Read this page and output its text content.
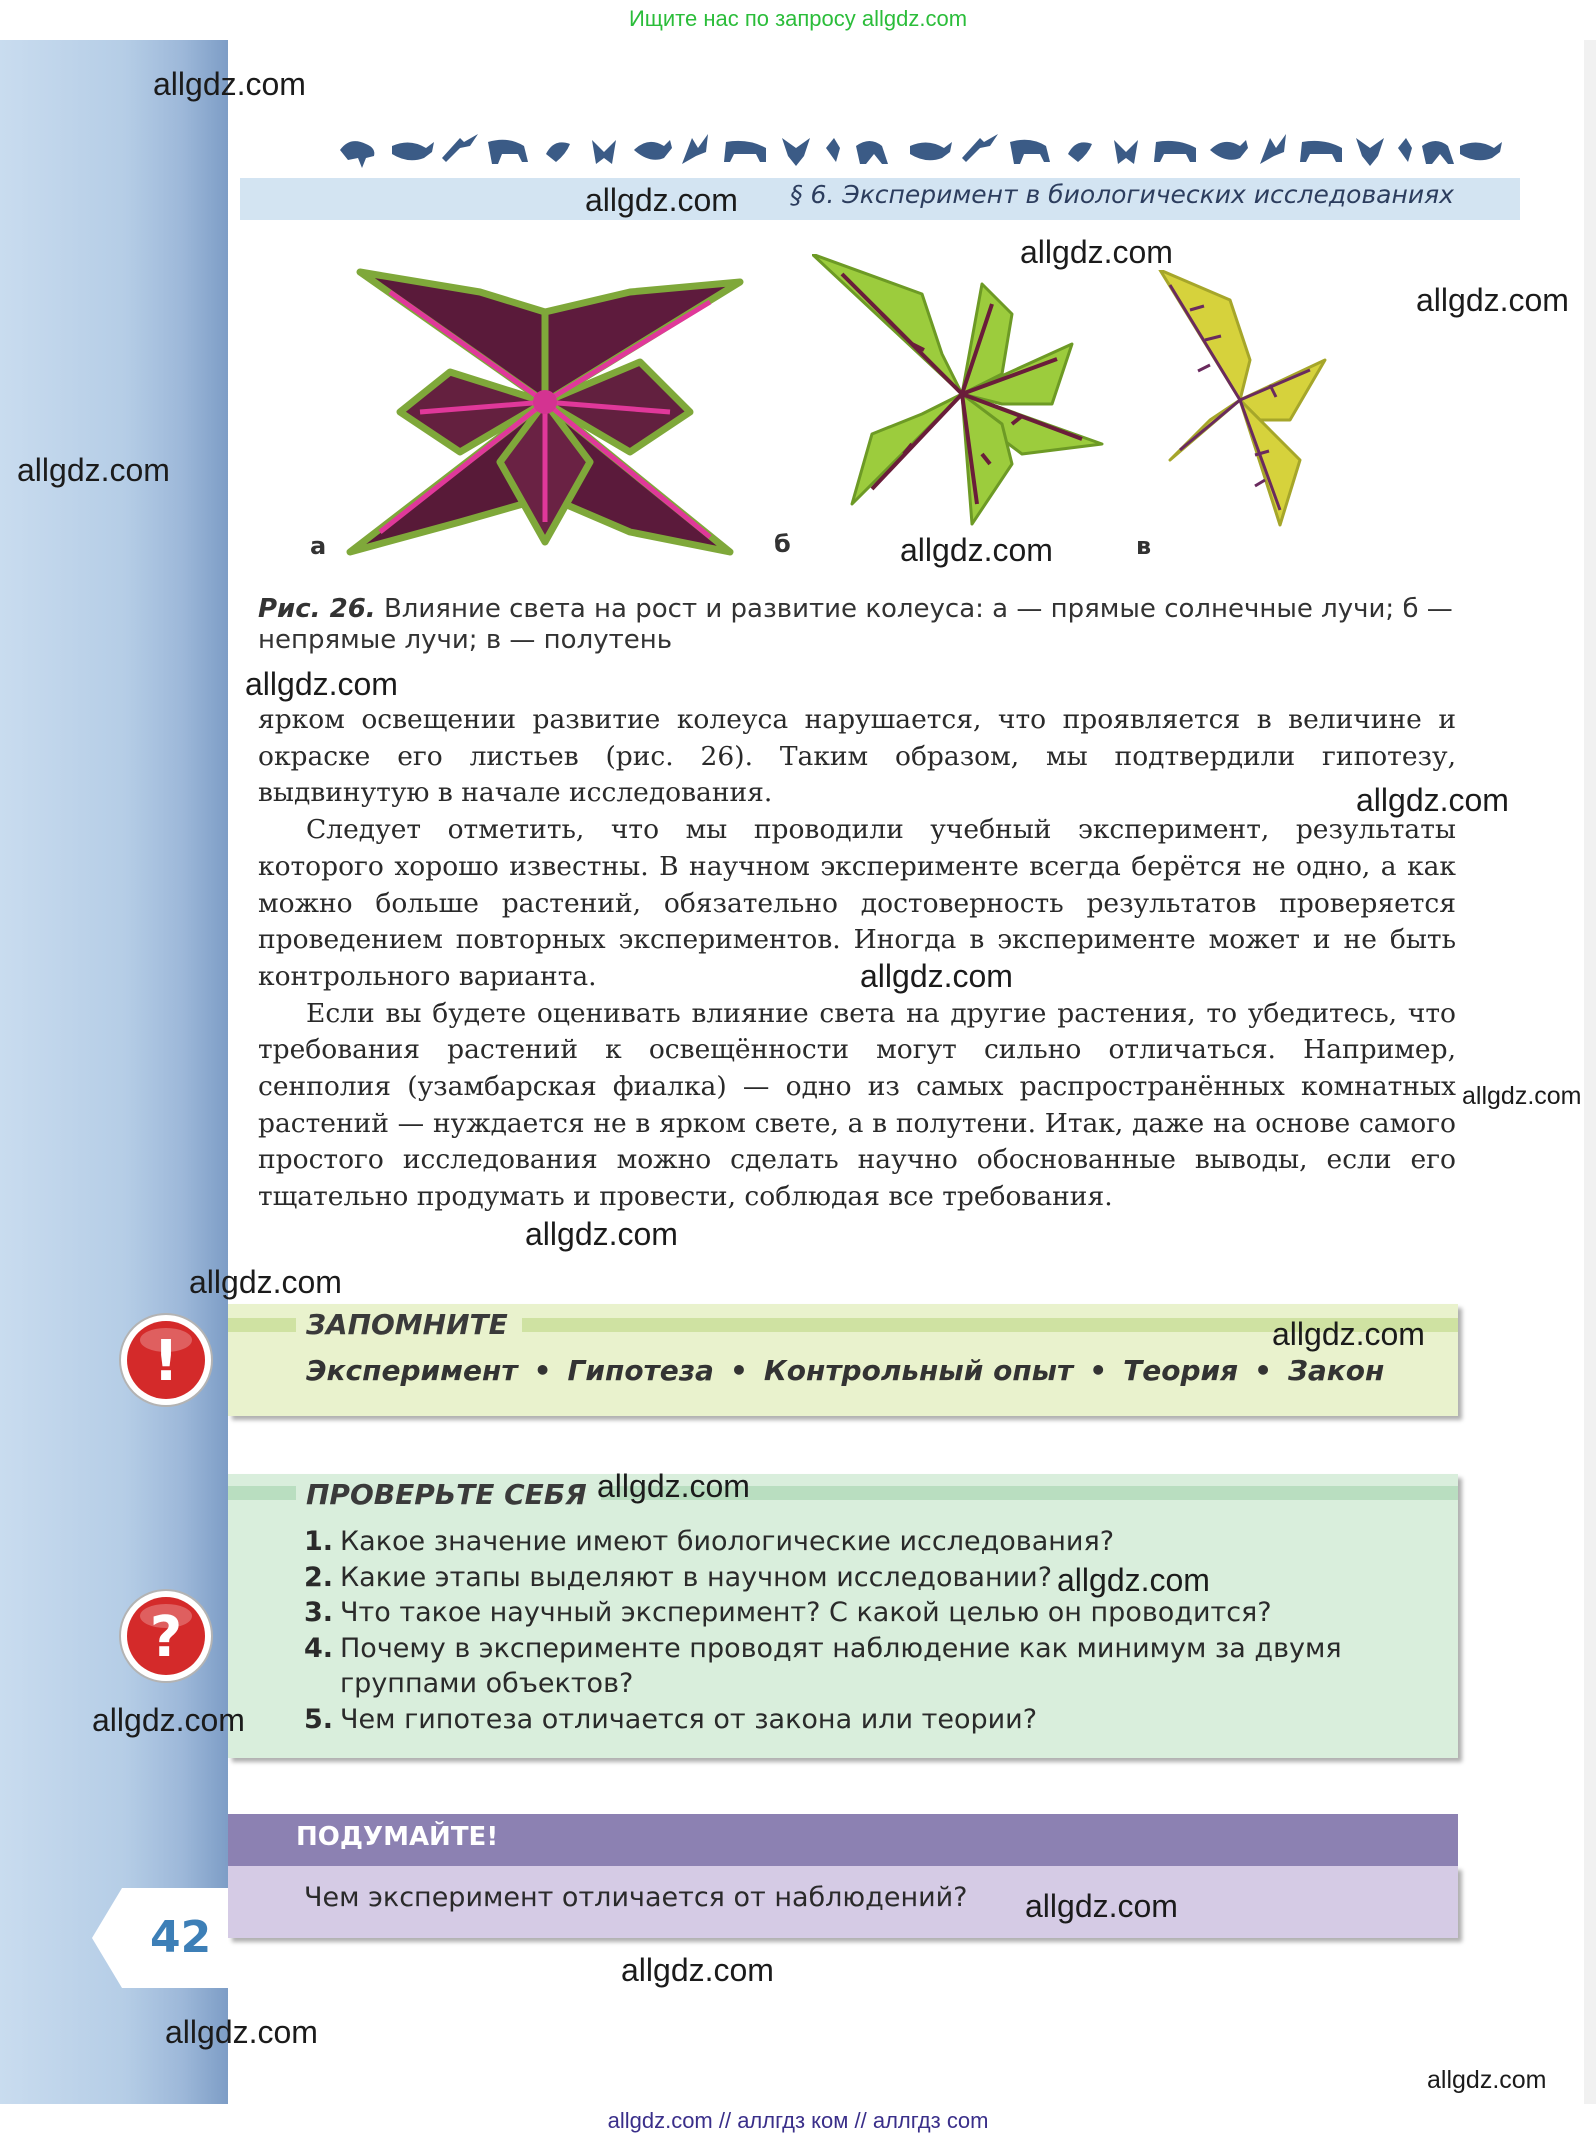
Ищите нас по запросу allgdz.com
§ 6. Эксперимент в биологических исследованиях
а	б	в
Рис. 26. Влияние света на рост и развитие колеуса: а — прямые солнечные лучи; б — непрямые лучи; в — полутень

ярком освещении развитие колеуса нарушается, что проявляется в величине и окраске его листьев (рис. 26). Таким образом, мы подтвердили гипотезу, выдвинутую в начале исследования.

Следует отметить, что мы проводили учебный эксперимент, результаты которого хорошо известны. В научном эксперименте всегда берётся не одно, а как можно больше растений, обязательно достоверность результатов проверяется проведением повторных экспериментов. Иногда в эксперименте может и не быть контрольного варианта.

Если вы будете оценивать влияние света на другие растения, то убедитесь, что требования растений к освещённости могут сильно отличаться. Например, сенполия (узамбарская фиалка) — одно из самых распространённых комнатных растений — нуждается не в ярком свете, а в полутени. Итак, даже на основе самого простого исследования можно сделать научно обоснованные выводы, если его тщательно продумать и провести, соблюдая все требования.

ЗАПОМНИТЕ
Эксперимент • Гипотеза • Контрольный опыт • Теория • Закон
!
ПРОВЕРЬТЕ СЕБЯ
1. Какое значение имеют биологические исследования?
2. Какие этапы выделяют в научном исследовании?
3. Что такое научный эксперимент? С какой целью он проводится?
4. Почему в эксперименте проводят наблюдение как минимум за двумя группами объектов?
5. Чем гипотеза отличается от закона или теории?
?
ПОДУМАЙТЕ!
Чем эксперимент отличается от наблюдений?
42
allgdz.com
allgdz.com
allgdz.com
allgdz.com
allgdz.com
allgdz.com
allgdz.com
allgdz.com
allgdz.com
allgdz.com
allgdz.com
allgdz.com
allgdz.com
allgdz.com
allgdz.com
allgdz.com
allgdz.com
allgdz.com
allgdz.com
allgdz.com
allgdz.com // аллгдз ком // аллгдз com
